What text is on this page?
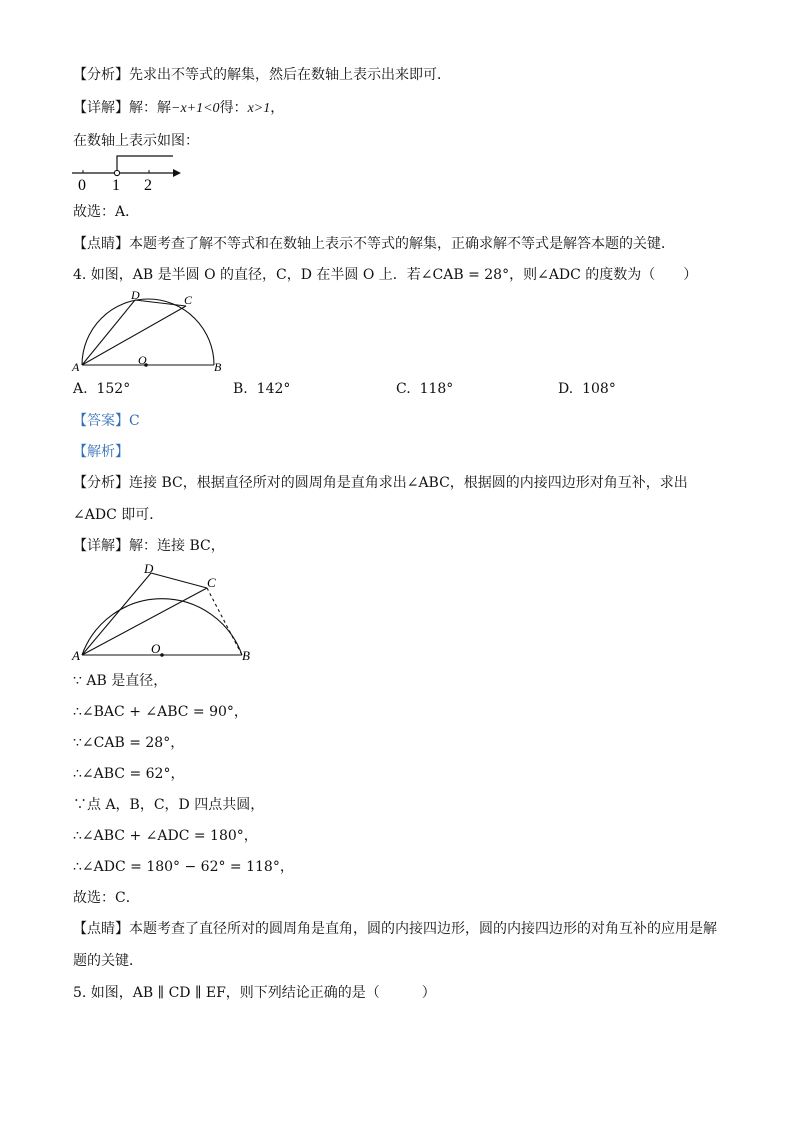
【分析】先求出不等式的解集，然后在数轴上表示出来即可．
【详解】解：解−x+1<0得：x>1，
在数轴上表示如图：
0 1 2
故选：A．
【点睛】本题考查了解不等式和在数轴上表示不等式的解集，正确求解不等式是解答本题的关键．
4. 如图，AB 是半圆 O 的直径，C，D 在半圆 O 上．若∠CAB = 28°，则∠ADC 的度数为（　　）
A	B
C
D
O
A. 152°	B. 142°	C. 118°	D. 108°
【答案】C
【解析】
【分析】连接 BC，根据直径所对的圆周角是直角求出∠ABC，根据圆的内接四边形对角互补，求出
∠ADC 即可．
【详解】解：连接 BC，
A	B
C
D
O
∵ AB 是直径，
∴∠BAC + ∠ABC = 90°，
∵∠CAB = 28°，
∴∠ABC = 62°，
∵点 A，B，C，D 四点共圆，
∴∠ABC + ∠ADC = 180°，
∴∠ADC = 180° − 62° = 118°，
故选：C．
【点睛】本题考查了直径所对的圆周角是直角，圆的内接四边形，圆的内接四边形的对角互补的应用是解
题的关键．
5. 如图，AB ∥ CD ∥ EF，则下列结论正确的是（　　　）
